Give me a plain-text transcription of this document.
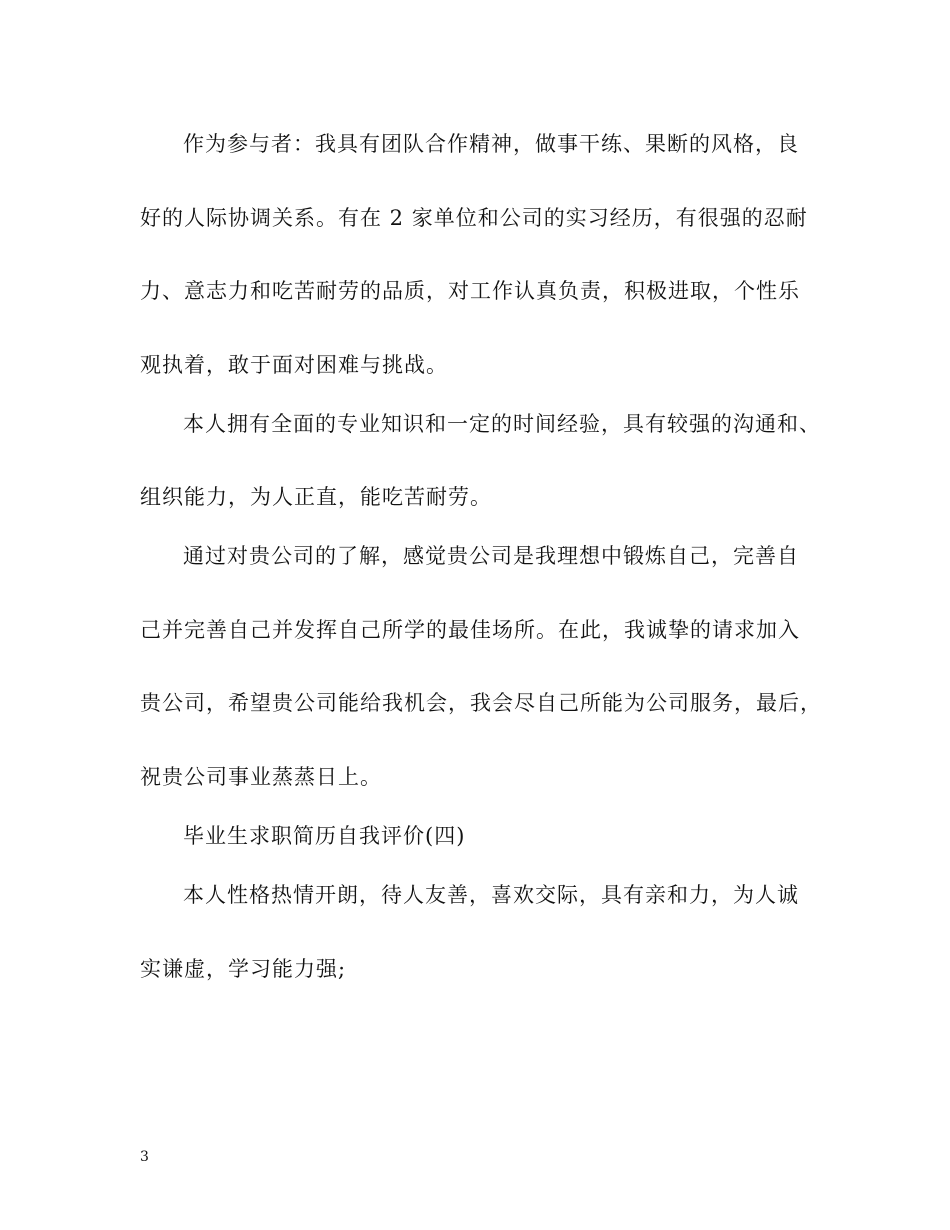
作为参与者：我具有团队合作精神，做事干练、果断的风格，良
好的人际协调关系。有在 2 家单位和公司的实习经历，有很强的忍耐
力、意志力和吃苦耐劳的品质，对工作认真负责，积极进取，个性乐
观执着，敢于面对困难与挑战。
本人拥有全面的专业知识和一定的时间经验，具有较强的沟通和、
组织能力，为人正直，能吃苦耐劳。
通过对贵公司的了解，感觉贵公司是我理想中锻炼自己，完善自
己并完善自己并发挥自己所学的最佳场所。在此，我诚挚的请求加入
贵公司，希望贵公司能给我机会，我会尽自己所能为公司服务，最后，
祝贵公司事业蒸蒸日上。
毕业生求职简历自我评价(四)
本人性格热情开朗，待人友善，喜欢交际，具有亲和力，为人诚
实谦虚，学习能力强;
3
